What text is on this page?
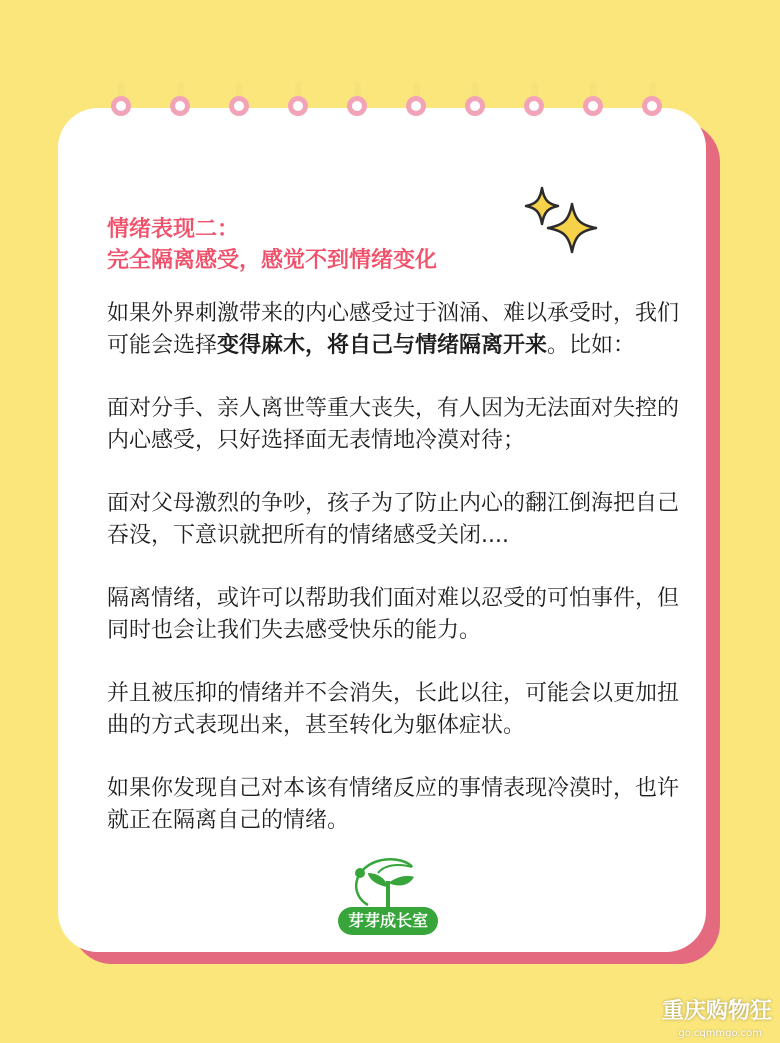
情绪表现二：
完全隔离感受，感觉不到情绪变化

如果外界刺激带来的内心感受过于汹涌、难以承受时，我们可能会选择变得麻木，将自己与情绪隔离开来。比如：

面对分手、亲人离世等重大丧失，有人因为无法面对失控的内心感受，只好选择面无表情地冷漠对待；

面对父母激烈的争吵，孩子为了防止内心的翻江倒海把自己吞没，下意识就把所有的情绪感受关闭....

隔离情绪，或许可以帮助我们面对难以忍受的可怕事件，但同时也会让我们失去感受快乐的能力。

并且被压抑的情绪并不会消失，长此以往，可能会以更加扭曲的方式表现出来，甚至转化为躯体症状。

如果你发现自己对本该有情绪反应的事情表现冷漠时，也许就正在隔离自己的情绪。

芽芽成长室
重庆购物狂
go.cqmmgo.com
